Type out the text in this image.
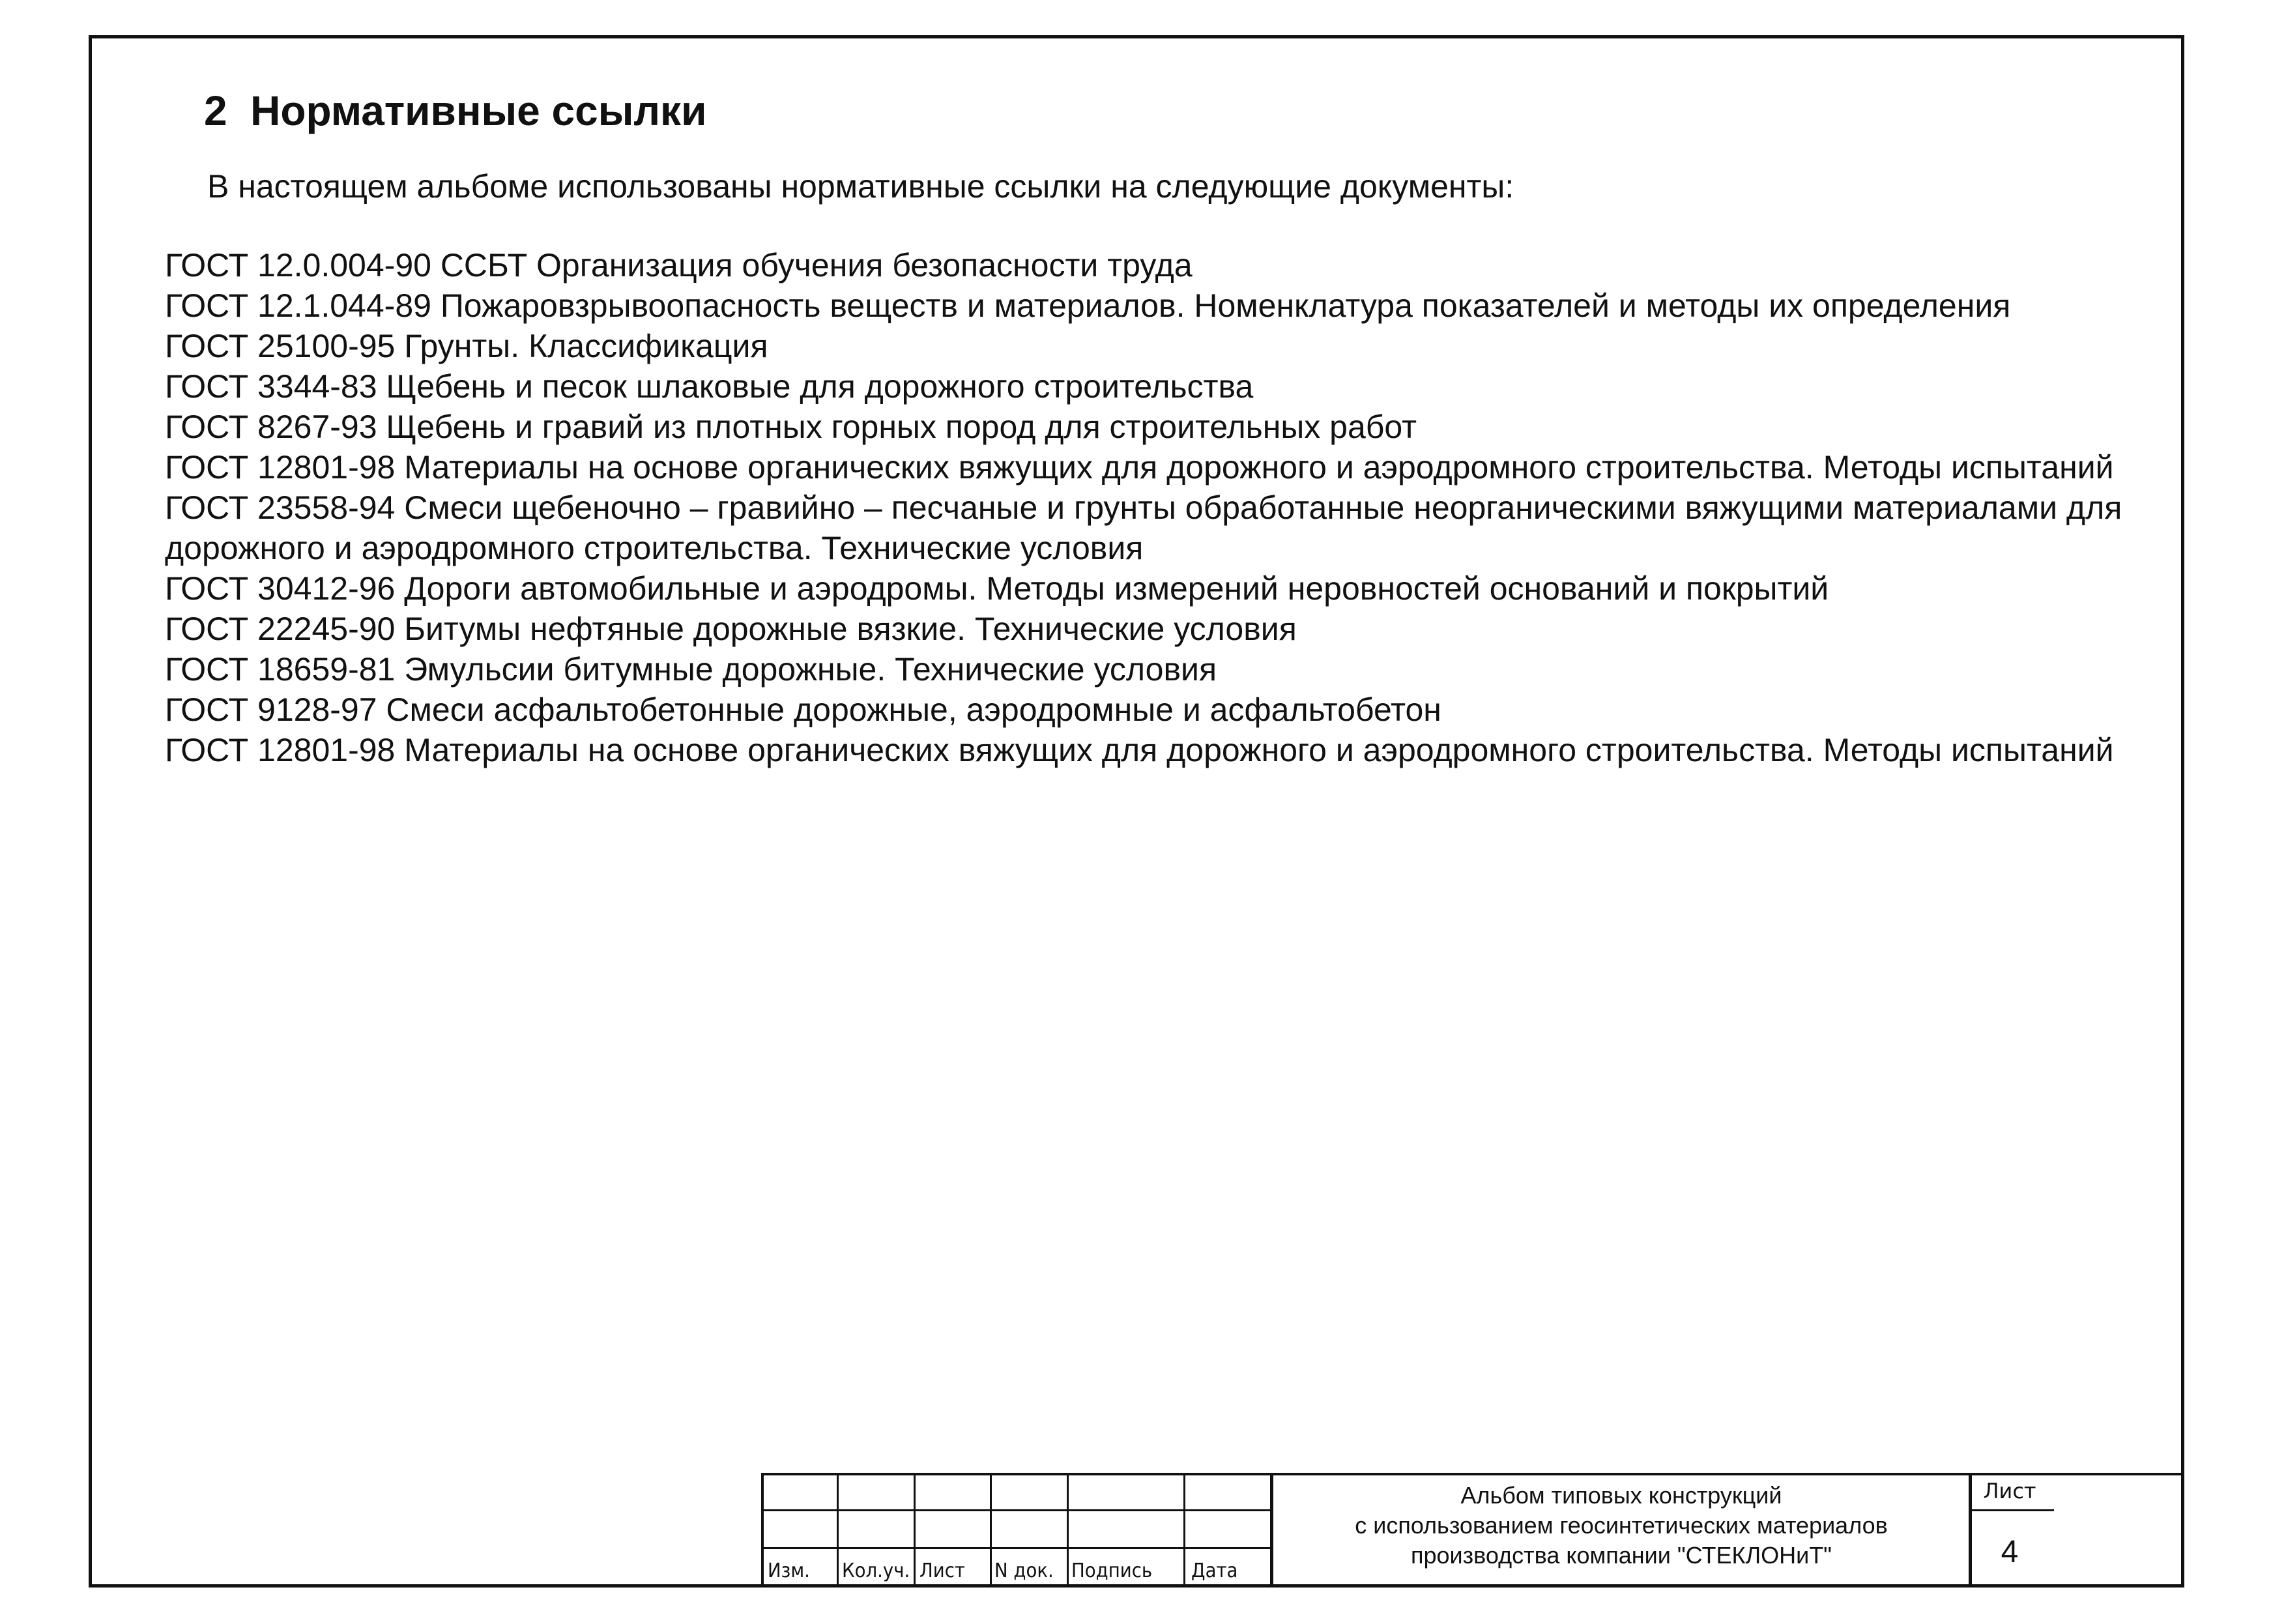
2 Нормативные ссылки
В настоящем альбоме использованы нормативные ссылки на следующие документы:
ГОСТ 12.0.004-90 ССБТ Организация обучения безопасности труда
ГОСТ 12.1.044-89 Пожаровзрывоопасность веществ и материалов. Номенклатура показателей и методы их определения
ГОСТ 25100-95 Грунты. Классификация
ГОСТ 3344-83 Щебень и песок шлаковые для дорожного строительства
ГОСТ 8267-93 Щебень и гравий из плотных горных пород для строительных работ
ГОСТ 12801-98 Материалы на основе органических вяжущих для дорожного и аэродромного строительства. Методы испытаний
ГОСТ 23558-94 Смеси щебеночно – гравийно – песчаные и грунты обработанные неорганическими вяжущими материалами для дорожного и аэродромного строительства. Технические условия
ГОСТ 30412-96 Дороги автомобильные и аэродромы. Методы измерений неровностей оснований и покрытий
ГОСТ 22245-90 Битумы нефтяные дорожные вязкие. Технические условия
ГОСТ 18659-81 Эмульсии битумные дорожные. Технические условия
ГОСТ 9128-97 Смеси асфальтобетонные дорожные, аэродромные и асфальтобетон
ГОСТ 12801-98 Материалы на основе органических вяжущих для дорожного и аэродромного строительства. Методы испытаний
Изм. Кол.уч. Лист N док. Подпись Дата
Альбом типовых конструкций
с использованием геосинтетических материалов
производства компании "СТЕКЛОНиТ"
Лист
4
